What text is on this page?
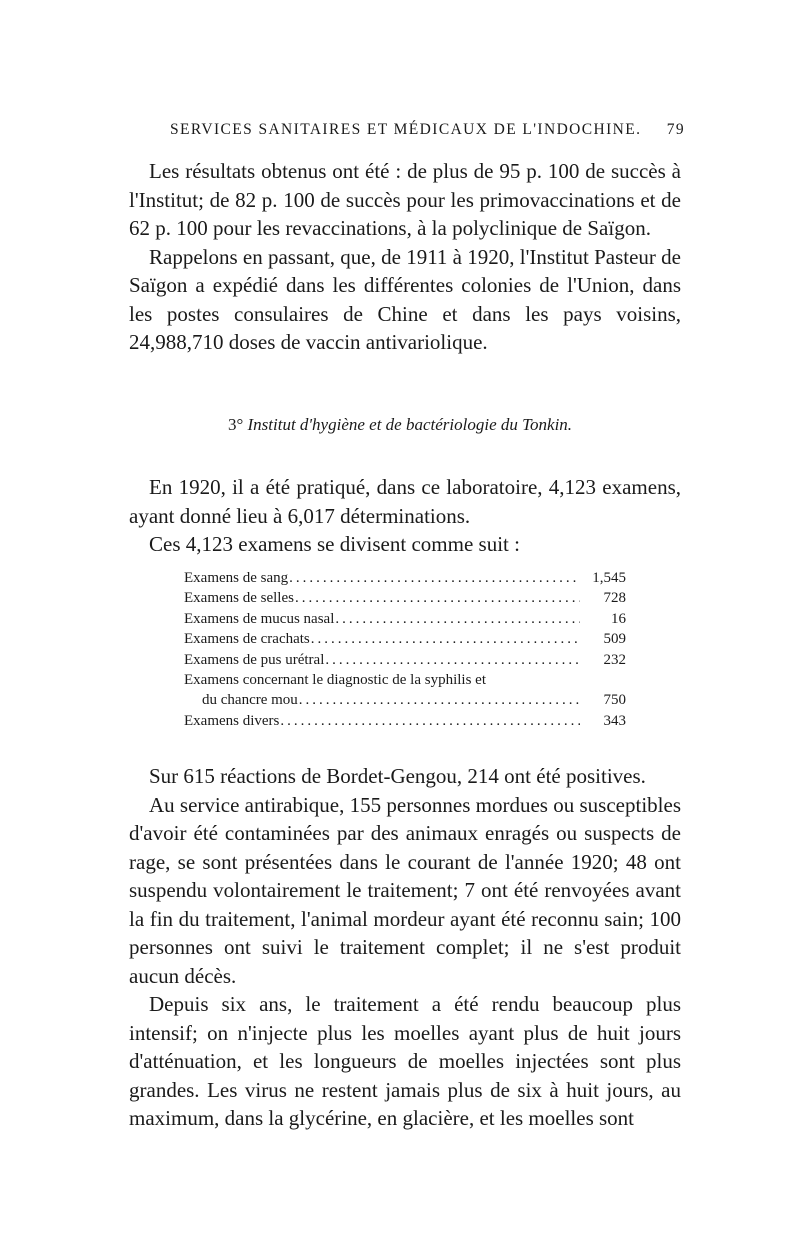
SERVICES SANITAIRES ET MÉDICAUX DE L'INDOCHINE. 79

Les résultats obtenus ont été : de plus de 95 p. 100 de succès à l'Institut; de 82 p. 100 de succès pour les primovaccinations et de 62 p. 100 pour les revaccinations, à la polyclinique de Saïgon.

Rappelons en passant, que, de 1911 à 1920, l'Institut Pasteur de Saïgon a expédié dans les différentes colonies de l'Union, dans les postes consulaires de Chine et dans les pays voisins, 24,988,710 doses de vaccin antivariolique.

3° Institut d'hygiène et de bactériologie du Tonkin.

En 1920, il a été pratiqué, dans ce laboratoire, 4,123 examens, ayant donné lieu à 6,017 déterminations.

Ces 4,123 examens se divisent comme suit :

Examens de sang .....	1,545
Examens de selles .....	728
Examens de mucus nasal .....	16
Examens de crachats .....	509
Examens de pus urétral .....	232
Examens concernant le diagnostic de la syphilis et
du chancre mou .....	750
Examens divers .....	343

Sur 615 réactions de Bordet-Gengou, 214 ont été positives.

Au service antirabique, 155 personnes mordues ou susceptibles d'avoir été contaminées par des animaux enragés ou suspects de rage, se sont présentées dans le courant de l'année 1920; 48 ont suspendu volontairement le traitement; 7 ont été renvoyées avant la fin du traitement, l'animal mordeur ayant été reconnu sain; 100 personnes ont suivi le traitement complet; il ne s'est produit aucun décès.

Depuis six ans, le traitement a été rendu beaucoup plus intensif; on n'injecte plus les moelles ayant plus de huit jours d'atténuation, et les longueurs de moelles injectées sont plus grandes. Les virus ne restent jamais plus de six à huit jours, au maximum, dans la glycérine, en glacière, et les moelles sont
